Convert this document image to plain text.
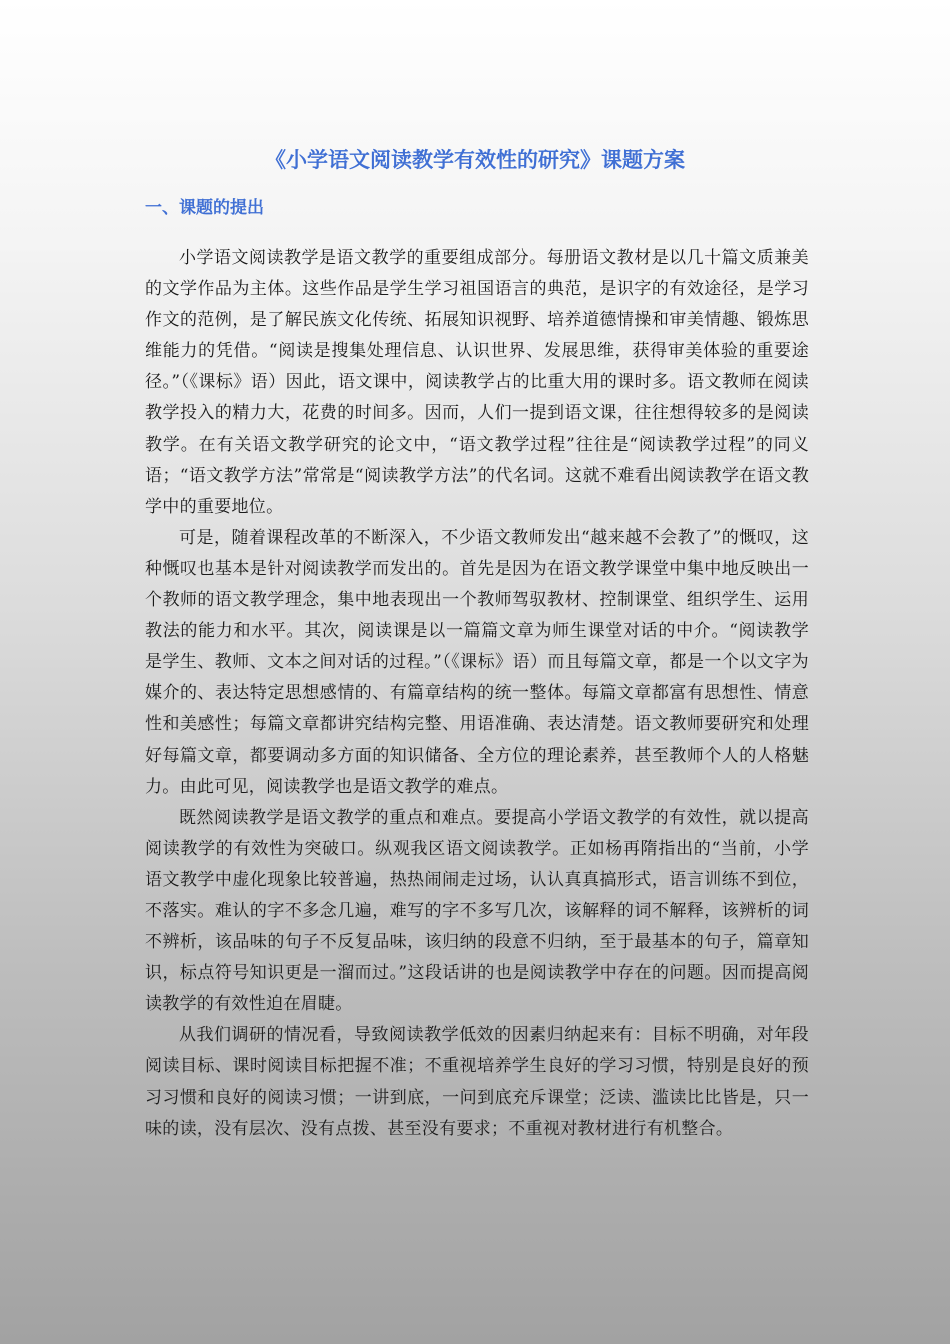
《小学语文阅读教学有效性的研究》课题方案
一、课题的提出

小学语文阅读教学是语文教学的重要组成部分。每册语文教材是以几十篇文质兼美的文学作品为主体。这些作品是学生学习祖国语言的典范，是识字的有效途径，是学习作文的范例，是了解民族文化传统、拓展知识视野、培养道德情操和审美情趣、锻炼思维能力的凭借。“阅读是搜集处理信息、认识世界、发展思维，获得审美体验的重要途径。”（《课标》语）因此，语文课中，阅读教学占的比重大用的课时多。语文教师在阅读教学投入的精力大，花费的时间多。因而，人们一提到语文课，往往想得较多的是阅读教学。在有关语文教学研究的论文中，“语文教学过程”往往是“阅读教学过程”的同义语；“语文教学方法”常常是“阅读教学方法”的代名词。这就不难看出阅读教学在语文教学中的重要地位。

可是，随着课程改革的不断深入，不少语文教师发出“越来越不会教了”的慨叹，这种慨叹也基本是针对阅读教学而发出的。首先是因为在语文教学课堂中集中地反映出一个教师的语文教学理念，集中地表现出一个教师驾驭教材、控制课堂、组织学生、运用教法的能力和水平。其次，阅读课是以一篇篇文章为师生课堂对话的中介。“阅读教学是学生、教师、文本之间对话的过程。”（《课标》语）而且每篇文章，都是一个以文字为媒介的、表达特定思想感情的、有篇章结构的统一整体。每篇文章都富有思想性、情意性和美感性；每篇文章都讲究结构完整、用语准确、表达清楚。语文教师要研究和处理好每篇文章，都要调动多方面的知识储备、全方位的理论素养，甚至教师个人的人格魅力。由此可见，阅读教学也是语文教学的难点。

既然阅读教学是语文教学的重点和难点。要提高小学语文教学的有效性，就以提高阅读教学的有效性为突破口。纵观我区语文阅读教学。正如杨再隋指出的“当前，小学语文教学中虚化现象比较普遍，热热闹闹走过场，认认真真搞形式，语言训练不到位，不落实。难认的字不多念几遍，难写的字不多写几次，该解释的词不解释，该辨析的词不辨析，该品味的句子不反复品味，该归纳的段意不归纳，至于最基本的句子，篇章知识，标点符号知识更是一溜而过。”这段话讲的也是阅读教学中存在的问题。因而提高阅读教学的有效性迫在眉睫。

从我们调研的情况看，导致阅读教学低效的因素归纳起来有：目标不明确，对年段阅读目标、课时阅读目标把握不准；不重视培养学生良好的学习习惯，特别是良好的预习习惯和良好的阅读习惯；一讲到底，一问到底充斥课堂；泛读、滥读比比皆是，只一味的读，没有层次、没有点拨、甚至没有要求；不重视对教材进行有机整合。
